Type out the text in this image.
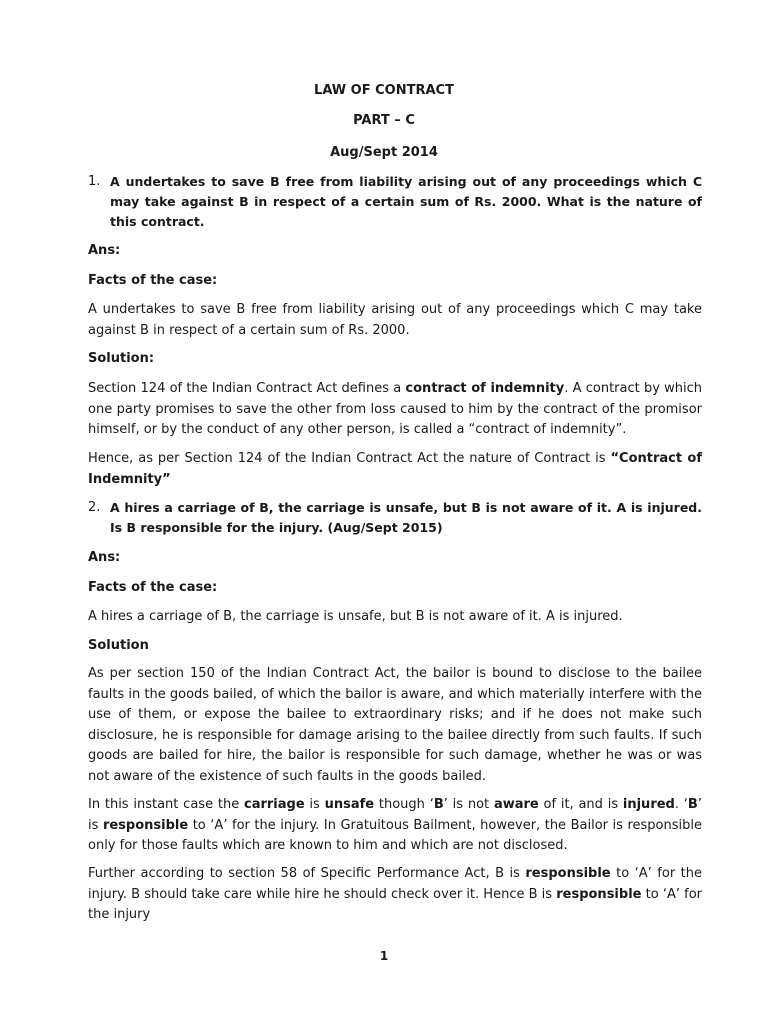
LAW OF CONTRACT
PART – C
Aug/Sept 2014
1. A undertakes to save B free from liability arising out of any proceedings which C may take against B in respect of a certain sum of Rs. 2000. What is the nature of this contract.
Ans:
Facts of the case:
A undertakes to save B free from liability arising out of any proceedings which C may take against B in respect of a certain sum of Rs. 2000.
Solution:
Section 124 of the Indian Contract Act defines a contract of indemnity. A contract by which one party promises to save the other from loss caused to him by the contract of the promisor himself, or by the conduct of any other person, is called a “contract of indemnity”.
Hence, as per Section 124 of the Indian Contract Act the nature of Contract is “Contract of Indemnity”
2. A hires a carriage of B, the carriage is unsafe, but B is not aware of it. A is injured. Is B responsible for the injury. (Aug/Sept 2015)
Ans:
Facts of the case:
A hires a carriage of B, the carriage is unsafe, but B is not aware of it. A is injured.
Solution
As per section 150 of the Indian Contract Act, the bailor is bound to disclose to the bailee faults in the goods bailed, of which the bailor is aware, and which materially interfere with the use of them, or expose the bailee to extraordinary risks; and if he does not make such disclosure, he is responsible for damage arising to the bailee directly from such faults. If such goods are bailed for hire, the bailor is responsible for such damage, whether he was or was not aware of the existence of such faults in the goods bailed.
In this instant case the carriage is unsafe though ‘B’ is not aware of it, and is injured. ‘B’ is responsible to ‘A’ for the injury. In Gratuitous Bailment, however, the Bailor is responsible only for those faults which are known to him and which are not disclosed.
Further according to section 58 of Specific Performance Act, B is responsible to ‘A’ for the injury. B should take care while hire he should check over it. Hence B is responsible to ‘A’ for the injury
1
